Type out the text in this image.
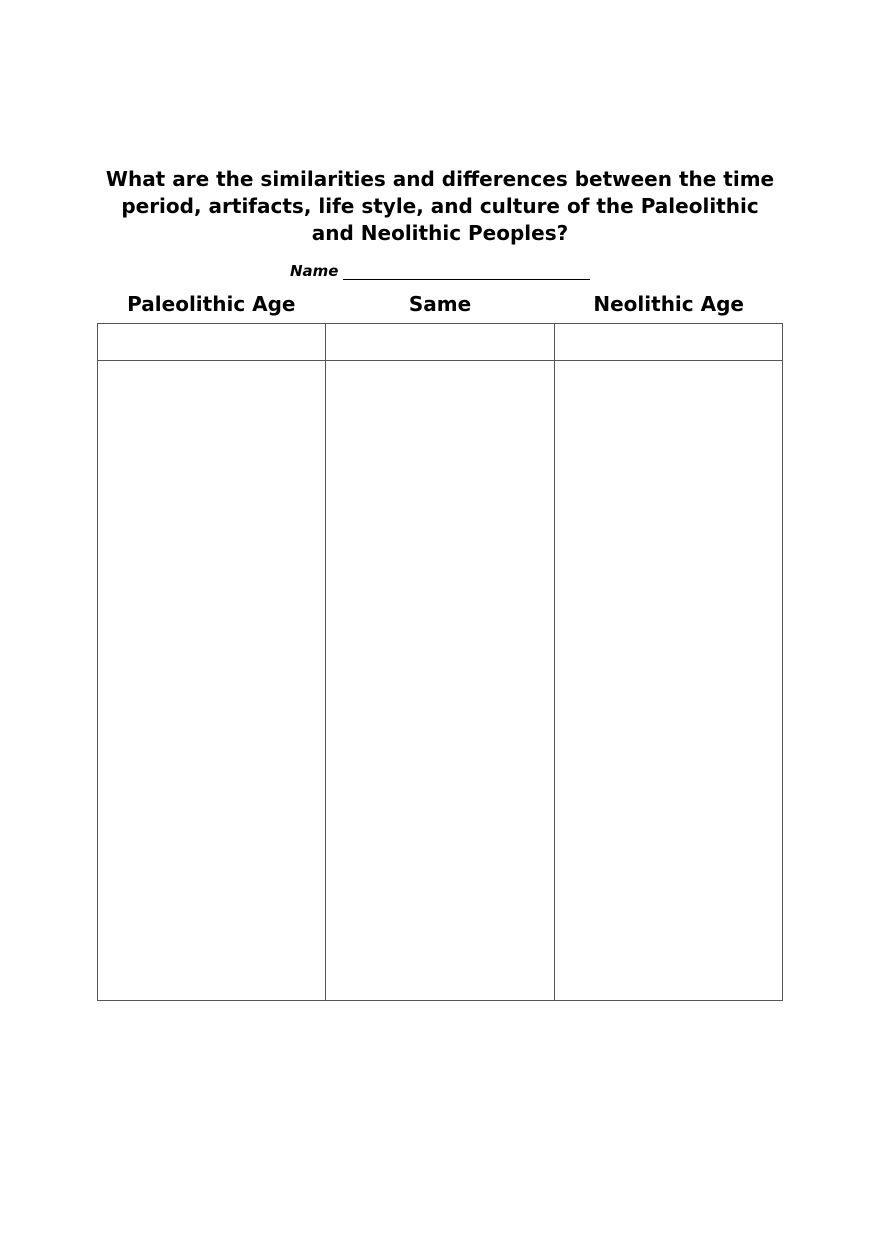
What are the similarities and differences between the time
period, artifacts, life style, and culture of the Paleolithic
and Neolithic Peoples?
Name
Paleolithic Age	Same	Neolithic Age
